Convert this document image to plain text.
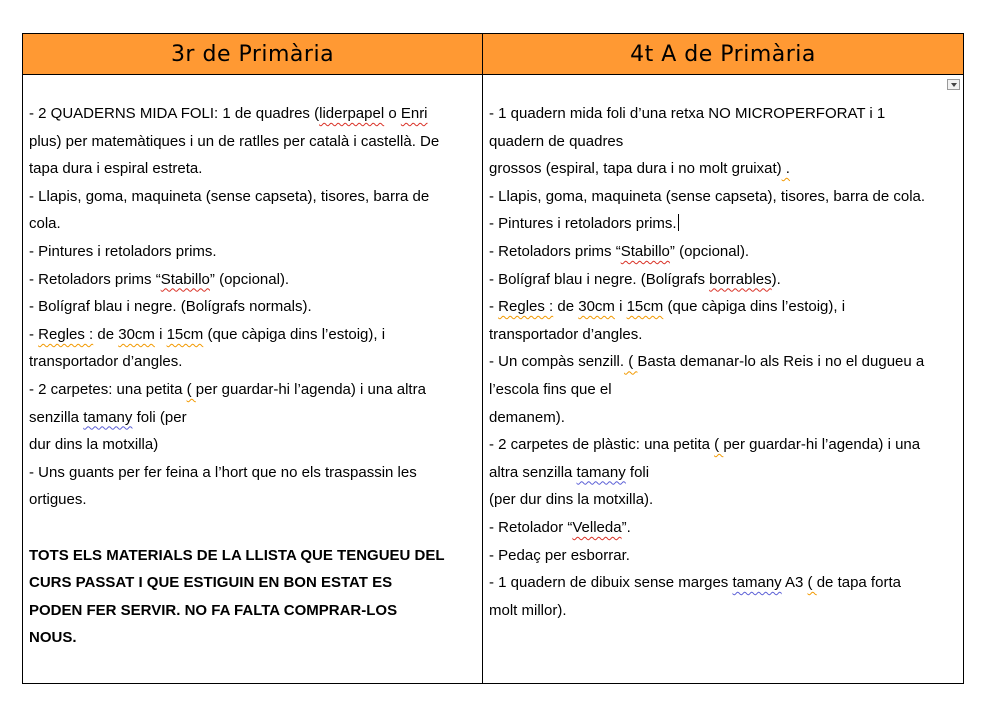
3r de Primària	4t A de Primària
- 2 QUADERNS MIDA FOLI: 1 de quadres (liderpapel o Enri
plus) per matemàtiques i un de ratlles per català i castellà. De
tapa dura i espiral estreta.
- Llapis, goma, maquineta (sense capseta), tisores, barra de
cola.
- Pintures i retoladors prims.
- Retoladors prims “Stabillo” (opcional).
- Bolígraf blau i negre. (Bolígrafs normals).
- Regles : de 30cm i 15cm (que càpiga dins l’estoig), i
transportador d’angles.
- 2 carpetes: una petita ( per guardar-hi l’agenda) i una altra
senzilla tamany foli (per
dur dins la motxilla)
- Uns guants per fer feina a l’hort que no els traspassin les
ortigues.
TOTS ELS MATERIALS DE LA LLISTA QUE TENGUEU DEL
CURS PASSAT I QUE ESTIGUIN EN BON ESTAT ES
PODEN FER SERVIR. NO FA FALTA COMPRAR-LOS
NOUS.
- 1 quadern mida foli d’una retxa NO MICROPERFORAT i 1
quadern de quadres
grossos (espiral, tapa dura i no molt gruixat) .
- Llapis, goma, maquineta (sense capseta), tisores, barra de cola.
- Pintures i retoladors prims.
- Retoladors prims “Stabillo” (opcional).
- Bolígraf blau i negre. (Bolígrafs borrables).
- Regles : de 30cm i 15cm (que càpiga dins l’estoig), i
transportador d’angles.
- Un compàs senzill. ( Basta demanar-lo als Reis i no el dugueu a
l’escola fins que el
demanem).
- 2 carpetes de plàstic: una petita ( per guardar-hi l’agenda) i una
altra senzilla tamany foli
(per dur dins la motxilla).
- Retolador “Velleda”.
- Pedaç per esborrar.
- 1 quadern de dibuix sense marges tamany A3 ( de tapa forta
molt millor).
